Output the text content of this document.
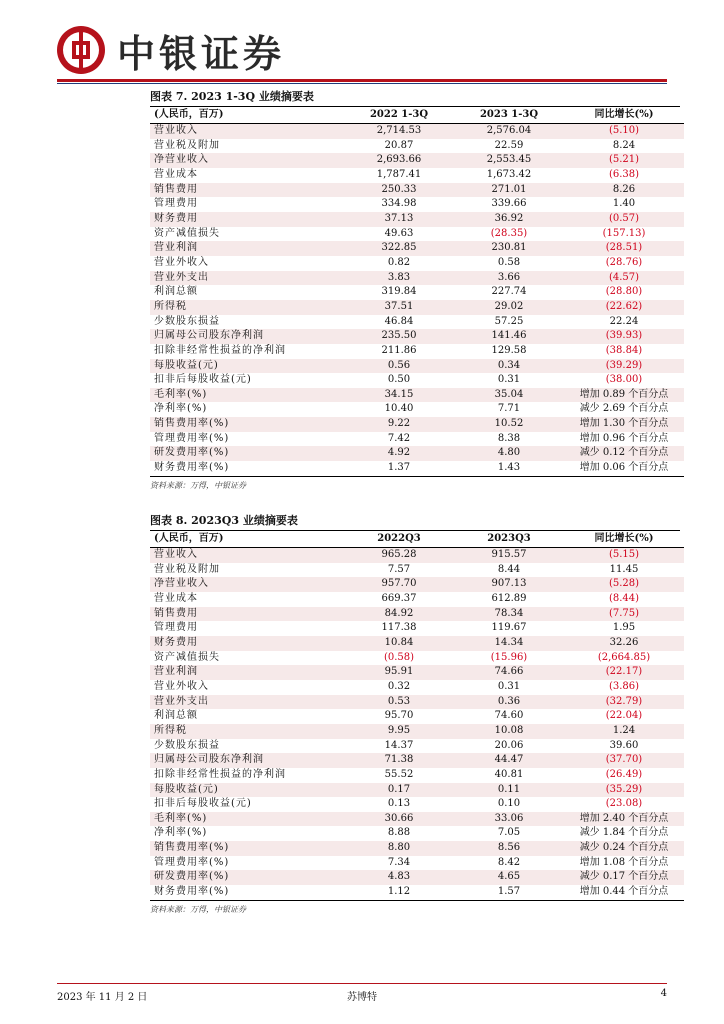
中银证券
图表 7. 2023 1-3Q 业绩摘要表
(人民币，百万)	2022 1-3Q	2023 1-3Q	同比增长(%)
营业收入	2,714.53	2,576.04	(5.10)
营业税及附加	20.87	22.59	8.24
净营业收入	2,693.66	2,553.45	(5.21)
营业成本	1,787.41	1,673.42	(6.38)
销售费用	250.33	271.01	8.26
管理费用	334.98	339.66	1.40
财务费用	37.13	36.92	(0.57)
资产减值损失	49.63	(28.35)	(157.13)
营业利润	322.85	230.81	(28.51)
营业外收入	0.82	0.58	(28.76)
营业外支出	3.83	3.66	(4.57)
利润总额	319.84	227.74	(28.80)
所得税	37.51	29.02	(22.62)
少数股东损益	46.84	57.25	22.24
归属母公司股东净利润	235.50	141.46	(39.93)
扣除非经常性损益的净利润	211.86	129.58	(38.84)
每股收益(元)	0.56	0.34	(39.29)
扣非后每股收益(元)	0.50	0.31	(38.00)
毛利率(%)	34.15	35.04	增加 0.89 个百分点
净利率(%)	10.40	7.71	减少 2.69 个百分点
销售费用率(%)	9.22	10.52	增加 1.30 个百分点
管理费用率(%)	7.42	8.38	增加 0.96 个百分点
研发费用率(%)	4.92	4.80	减少 0.12 个百分点
财务费用率(%)	1.37	1.43	增加 0.06 个百分点
资料来源：万得，中银证券
图表 8. 2023Q3 业绩摘要表
(人民币，百万)	2022Q3	2023Q3	同比增长(%)
营业收入	965.28	915.57	(5.15)
营业税及附加	7.57	8.44	11.45
净营业收入	957.70	907.13	(5.28)
营业成本	669.37	612.89	(8.44)
销售费用	84.92	78.34	(7.75)
管理费用	117.38	119.67	1.95
财务费用	10.84	14.34	32.26
资产减值损失	(0.58)	(15.96)	(2,664.85)
营业利润	95.91	74.66	(22.17)
营业外收入	0.32	0.31	(3.86)
营业外支出	0.53	0.36	(32.79)
利润总额	95.70	74.60	(22.04)
所得税	9.95	10.08	1.24
少数股东损益	14.37	20.06	39.60
归属母公司股东净利润	71.38	44.47	(37.70)
扣除非经常性损益的净利润	55.52	40.81	(26.49)
每股收益(元)	0.17	0.11	(35.29)
扣非后每股收益(元)	0.13	0.10	(23.08)
毛利率(%)	30.66	33.06	增加 2.40 个百分点
净利率(%)	8.88	7.05	减少 1.84 个百分点
销售费用率(%)	8.80	8.56	减少 0.24 个百分点
管理费用率(%)	7.34	8.42	增加 1.08 个百分点
研发费用率(%)	4.83	4.65	减少 0.17 个百分点
财务费用率(%)	1.12	1.57	增加 0.44 个百分点
资料来源：万得，中银证券
2023 年 11 月 2 日	苏博特	4
